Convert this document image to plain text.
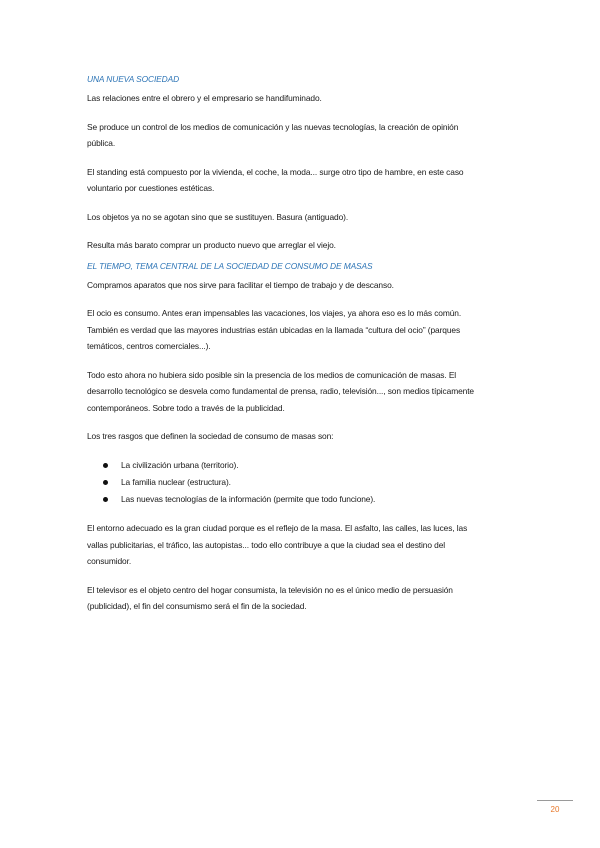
UNA NUEVA SOCIEDAD

Las relaciones entre el obrero y el empresario se handifuminado.

Se produce un control de los medios de comunicación y las nuevas tecnologías, la creación de opinión pública.

El standing está compuesto por la vivienda, el coche, la moda... surge otro tipo de hambre, en este caso voluntario por cuestiones estéticas.

Los objetos ya no se agotan sino que se sustituyen. Basura (antiguado).

Resulta más barato comprar un producto nuevo que arreglar el viejo.

EL TIEMPO, TEMA CENTRAL DE LA SOCIEDAD DE CONSUMO DE MASAS

Compramos aparatos que nos sirve para facilitar el tiempo de trabajo y de descanso.

El ocio es consumo. Antes eran impensables las vacaciones, los viajes, ya ahora eso es lo más común. También es verdad que las mayores industrias están ubicadas en la llamada “cultura del ocio” (parques temáticos, centros comerciales...).

Todo esto ahora no hubiera sido posible sin la presencia de los medios de comunicación de masas. El desarrollo tecnológico se desvela como fundamental de prensa, radio, televisión..., son medios típicamente contemporáneos. Sobre todo a través de la publicidad.

Los tres rasgos que definen la sociedad de consumo de masas son:

La civilización urbana (territorio).
La familia nuclear (estructura).
Las nuevas tecnologías de la información (permite que todo funcione).

El entorno adecuado es la gran ciudad porque es el reflejo de la masa. El asfalto, las calles, las luces, las vallas publicitarias, el tráfico, las autopistas... todo ello contribuye a que la ciudad sea el destino del consumidor.

El televisor es el objeto centro del hogar consumista, la televisión no es el único medio de persuasión (publicidad), el fin del consumismo será el fin de la sociedad.

20
